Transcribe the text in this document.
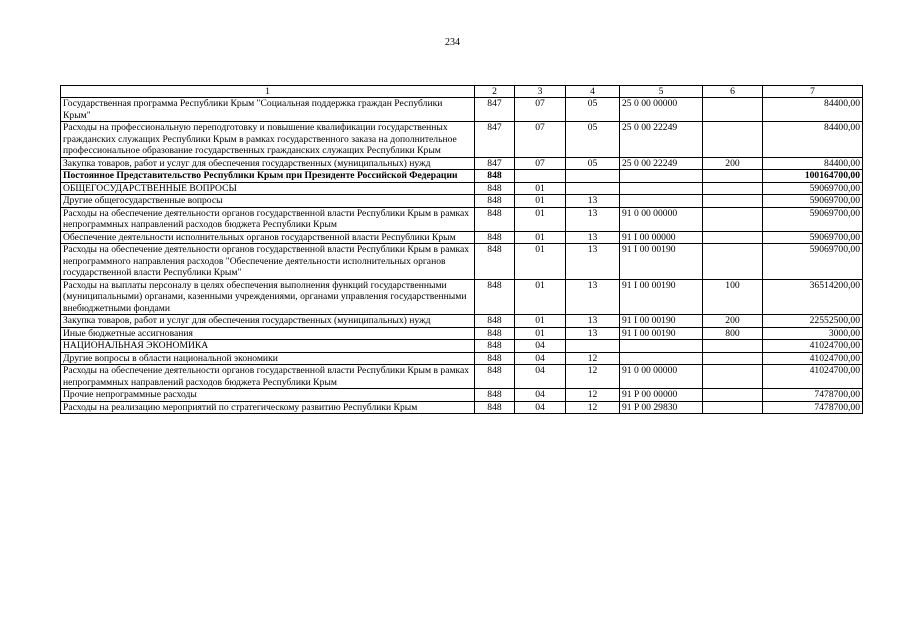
234
1	2	3	4	5	6	7
Государственная программа Республики Крым "Социальная поддержка граждан Республики Крым"	847	07	05	25 0 00 00000		84400,00
Расходы на профессиональную переподготовку и повышение квалификации государственных гражданских служащих Республики Крым в рамках государственного заказа на дополнительное профессиональное образование государственных гражданских служащих Республики Крым	847	07	05	25 0 00 22249		84400,00
Закупка товаров, работ и услуг для обеспечения государственных (муниципальных) нужд	847	07	05	25 0 00 22249	200	84400,00
Постоянное Представительство Республики Крым при Президенте Российской Федерации	848					100164700,00
ОБЩЕГОСУДАРСТВЕННЫЕ ВОПРОСЫ	848	01				59069700,00
Другие общегосударственные вопросы	848	01	13			59069700,00
Расходы на обеспечение деятельности органов государственной власти Республики Крым в рамках непрограммных направлений расходов бюджета Республики Крым	848	01	13	91 0 00 00000		59069700,00
Обеспечение деятельности исполнительных органов государственной власти Республики Крым	848	01	13	91 I 00 00000		59069700,00
Расходы на обеспечение деятельности органов государственной власти Республики Крым в рамках непрограммного направления расходов "Обеспечение деятельности исполнительных органов государственной власти Республики Крым"	848	01	13	91 I 00 00190		59069700,00
Расходы на выплаты персоналу в целях обеспечения выполнения функций государственными (муниципальными) органами, казенными учреждениями, органами управления государственными внебюджетными фондами	848	01	13	91 I 00 00190	100	36514200,00
Закупка товаров, работ и услуг для обеспечения государственных (муниципальных) нужд	848	01	13	91 I 00 00190	200	22552500,00
Иные бюджетные ассигнования	848	01	13	91 I 00 00190	800	3000,00
НАЦИОНАЛЬНАЯ ЭКОНОМИКА	848	04				41024700,00
Другие вопросы в области национальной экономики	848	04	12			41024700,00
Расходы на обеспечение деятельности органов государственной власти Республики Крым в рамках непрограммных направлений расходов бюджета Республики Крым	848	04	12	91 0 00 00000		41024700,00
Прочие непрограммные расходы	848	04	12	91 P 00 00000		7478700,00
Расходы на реализацию мероприятий по стратегическому развитию Республики Крым	848	04	12	91 P 00 29830		7478700,00
